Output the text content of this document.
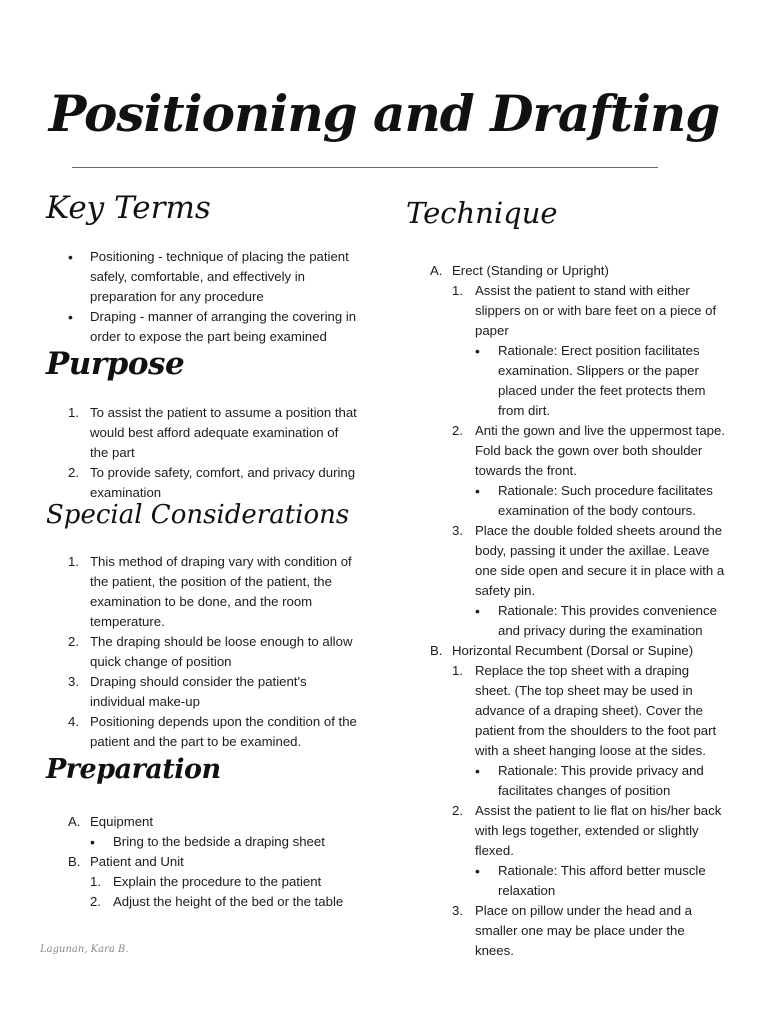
Positioning and Drafting
Key Terms
• Positioning - technique of placing the patient safely, comfortable, and effectively in preparation for any procedure
• Draping - manner of arranging the covering in order to expose the part being examined
Purpose
1. To assist the patient to assume a position that would best afford adequate examination of the part
2. To provide safety, comfort, and privacy during examination
Special Considerations
1. This method of draping vary with condition of the patient, the position of the patient, the examination to be done, and the room temperature.
2. The draping should be loose enough to allow quick change of position
3. Draping should consider the patient's individual make-up
4. Positioning depends upon the condition of the patient and the part to be examined.
Preparation
A. Equipment
• Bring to the bedside a draping sheet
B. Patient and Unit
1. Explain the procedure to the patient
2. Adjust the height of the bed or the table
Lagunan, Kara B.
Technique
A. Erect (Standing or Upright)
1. Assist the patient to stand with either slippers on or with bare feet on a piece of paper
• Rationale: Erect position facilitates examination. Slippers or the paper placed under the feet protects them from dirt.
2. Anti the gown and live the uppermost tape. Fold back the gown over both shoulder towards the front.
• Rationale: Such procedure facilitates examination of the body contours.
3. Place the double folded sheets around the body, passing it under the axillae. Leave one side open and secure it in place with a safety pin.
• Rationale: This provides convenience and privacy during the examination
B. Horizontal Recumbent (Dorsal or Supine)
1. Replace the top sheet with a draping sheet. (The top sheet may be used in advance of a draping sheet). Cover the patient from the shoulders to the foot part with a sheet hanging loose at the sides.
• Rationale: This provide privacy and facilitates changes of position
2. Assist the patient to lie flat on his/her back with legs together, extended or slightly flexed.
• Rationale: This afford better muscle relaxation
3. Place on pillow under the head and a smaller one may be place under the knees.
